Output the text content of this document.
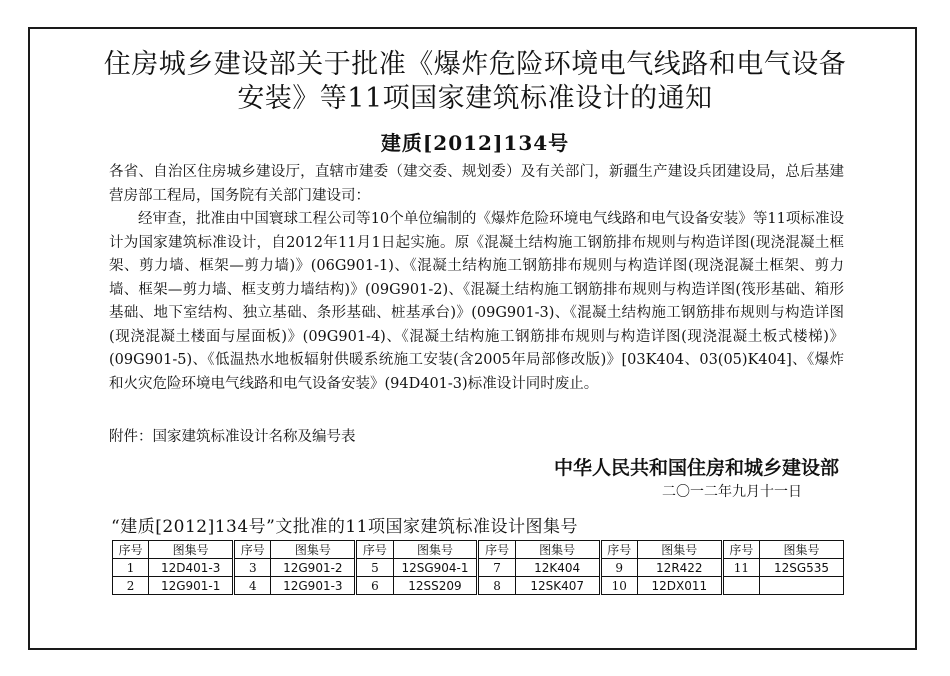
住房城乡建设部关于批准《爆炸危险环境电气线路和电气设备
安装》等11项国家建筑标准设计的通知
建质[2012]134号

各省、自治区住房城乡建设厅，直辖市建委（建交委、规划委）及有关部门，新疆生产建设兵团建设局，总后基建营房部工程局，国务院有关部门建设司：

经审查，批准由中国寰球工程公司等10个单位编制的《爆炸危险环境电气线路和电气设备安装》等11项标准设计为国家建筑标准设计，自2012年11月1日起实施。原《混凝土结构施工钢筋排布规则与构造详图(现浇混凝土框架、剪力墙、框架—剪力墙)》(06G901-1)、《混凝土结构施工钢筋排布规则与构造详图(现浇混凝土框架、剪力墙、框架—剪力墙、框支剪力墙结构)》(09G901-2)、《混凝土结构施工钢筋排布规则与构造详图(筏形基础、箱形基础、地下室结构、独立基础、条形基础、桩基承台)》(09G901-3)、《混凝土结构施工钢筋排布规则与构造详图(现浇混凝土楼面与屋面板)》(09G901-4)、《混凝土结构施工钢筋排布规则与构造详图(现浇混凝土板式楼梯)》(09G901-5)、《低温热水地板辐射供暖系统施工安装(含2005年局部修改版)》[03K404、03(05)K404]、《爆炸和火灾危险环境电气线路和电气设备安装》(94D401-3)标准设计同时废止。

附件：国家建筑标准设计名称及编号表

中华人民共和国住房和城乡建设部
二〇一二年九月十一日
“建质[2012]134号”文批准的11项国家建筑标准设计图集号
序号	图集号	序号	图集号	序号	图集号	序号	图集号	序号	图集号	序号	图集号
1	12D401-3	3	12G901-2	5	12SG904-1	7	12K404	9	12R422	11	12SG535
2	12G901-1	4	12G901-3	6	12SS209	8	12SK407	10	12DX011		
